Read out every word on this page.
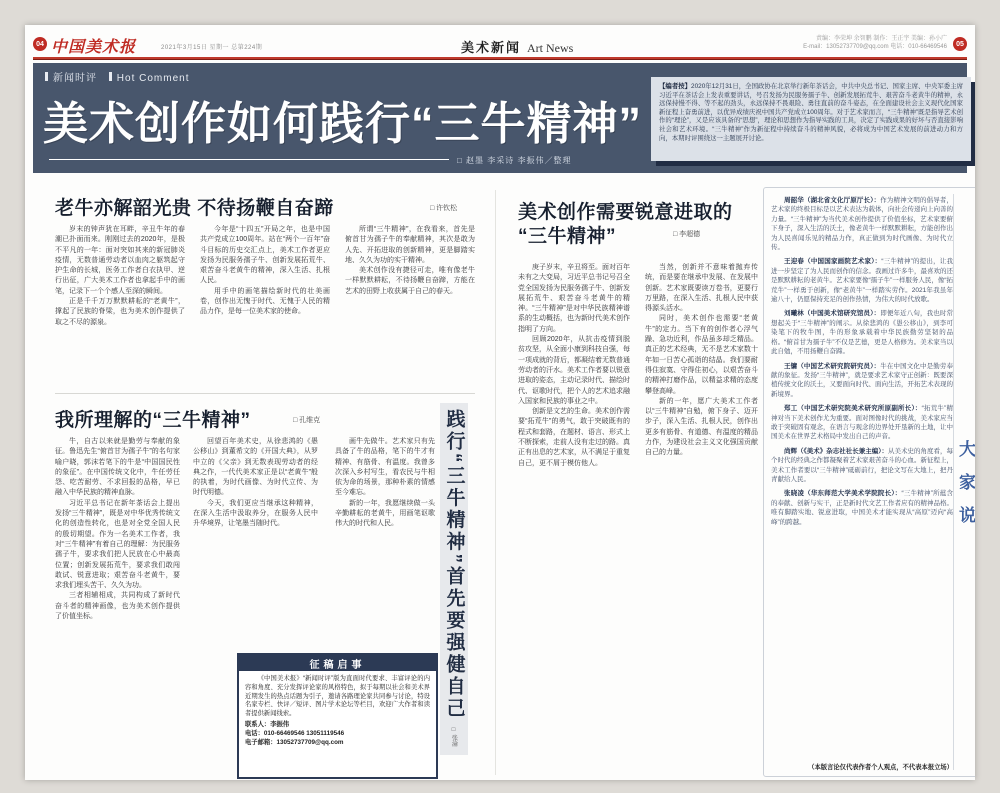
04 中国美术报	2021年3月15日 星期一 总第224期	美术新闻 Art News
责编：李荣坤 余智鹏 制作：王正宇 美编：孙小广
E-mail：13052737709@qq.com 电话：010-66469546	05
新闻时评 Hot Comment
美术创作如何践行“三牛精神”
□ 赵墨 李采诗 李振伟／整理

【编者按】2020年12月31日，全国政协在北京举行新年茶话会，中共中央总书记、国家主席、中央军委主席习近平在茶话会上发表重要讲话，号召发扬为民服务孺子牛、创新发展拓荒牛、艰苦奋斗老黄牛的精神，永远保持慢不得、等不起的劲头，永远保持不畏艰险、勇往直前的奋斗姿态，在全面建设社会主义现代化国家新征程上奋勇前进，以优异成绩庆祝中国共产党成立100周年。对于艺术家而言，“三牛精神”既是指导艺术创作的“理论”，又是应该具备的“思想”，理论和思想作为指导实践的工具，决定了实践成果的好坏与否直接影响社会和艺术环境。“三牛精神”作为新征程中持续奋斗的精神风貌，必将成为中国艺术发展的前进动力和方向，本期时评围绕这一主题展开讨论。

老牛亦解韶光贵 不待扬鞭自奋蹄	□ 许钦松

岁末的钟声犹在耳畔，辛丑牛年的春潮已扑面而来。刚刚过去的2020年，是极不平凡的一年：面对突如其来的新冠肺炎疫情，无数普通劳动者以血肉之躯筑起守护生命的长城，医务工作者白衣执甲、逆行出征，广大美术工作者也拿起手中的画笔，记录下一个个感人至深的瞬间。

正是千千万万默默耕耘的“老黄牛”，撑起了民族的脊梁，也为美术创作提供了取之不尽的源泉。

今年是“十四五”开局之年，也是中国共产党成立100周年。站在“两个一百年”奋斗目标的历史交汇点上，美术工作者更应发扬为民服务孺子牛、创新发展拓荒牛、艰苦奋斗老黄牛的精神，深入生活、扎根人民。

用手中的画笔描绘新时代的壮美画卷，创作出无愧于时代、无愧于人民的精品力作，是每一位美术家的使命。

所谓“三牛精神”，在我看来，首先是俯首甘为孺子牛的奉献精神，其次是敢为人先、开拓进取的创新精神，更是脚踏实地、久久为功的实干精神。

美术创作没有捷径可走，唯有像老牛一样默默耕耘，不待扬鞭自奋蹄，方能在艺术的田野上收获属于自己的春天。

我所理解的“三牛精神”	□ 孔维克

牛，自古以来就是勤劳与奉献的象征。鲁迅先生“俯首甘为孺子牛”的名句家喻户晓，郭沫若笔下的牛是“中国国民性的象征”。在中国传统文化中，牛任劳任怨、吃苦耐劳、不求回报的品格，早已融入中华民族的精神血脉。

习近平总书记在新年茶话会上提出发扬“三牛精神”，既是对中华优秀传统文化的创造性转化，也是对全党全国人民的殷切期望。作为一名美术工作者，我对“三牛精神”有着自己的理解：为民服务孺子牛，要求我们把人民放在心中最高位置；创新发展拓荒牛，要求我们敢闯敢试、锐意进取；艰苦奋斗老黄牛，要求我们埋头苦干、久久为功。

三者相辅相成，共同构成了新时代奋斗者的精神画像，也为美术创作提供了价值坐标。

回望百年美术史，从徐悲鸿的《愚公移山》到董希文的《开国大典》，从罗中立的《父亲》到无数表现劳动者的经典之作，一代代美术家正是以“老黄牛”般的执着，为时代画像、为时代立传、为时代明德。

今天，我们更应当继承这种精神，在深入生活中汲取养分，在服务人民中升华境界，让笔墨当随时代。

画牛先做牛。艺术家只有先具备了牛的品格，笔下的牛才有精神、有筋骨、有温度。我曾多次深入乡村写生，看农民与牛相依为命的场景，那种朴素的情感至今难忘。

新的一年，我愿继续做一头辛勤耕耘的老黄牛，用画笔讴歌伟大的时代和人民。	践行“三牛精神”首先要强健自己
□ 张渝
征稿启事

《中国美术报》“新闻时评”版为直面时代要求、丰富评论的内容和角度、充分发挥评论家的风格特色，拟于每期以社会和美术界近期发生的热点话题为引子，邀请各路理论家共同参与讨论，特设名家专栏、快评／短评、图片学术论坛等栏目，欢迎广大作者和读者提供新闻线索。

联系人：李振伟

电话：010-66469546 13051119546

电子邮箱：13052737709@qq.com

美术创作需要锐意进取的
“三牛精神”	□ 李超德

庚子岁末，辛丑将至。面对百年未有之大变局，习近平总书记号召全党全国发扬为民服务孺子牛、创新发展拓荒牛、艰苦奋斗老黄牛的精神。“三牛精神”是对中华民族精神谱系的生动概括，也为新时代美术创作指明了方向。

回顾2020年，从抗击疫情到脱贫攻坚，从全面小康到科技自强，每一项成就的背后，都凝结着无数普通劳动者的汗水。美术工作者要以锐意进取的姿态，主动记录时代、描绘时代、讴歌时代，把个人的艺术追求融入国家和民族的事业之中。

创新是文艺的生命。美术创作需要“拓荒牛”的勇气，敢于突破既有的程式和套路，在题材、语言、形式上不断探索，走前人没有走过的路。真正有出息的艺术家，从不满足于重复自己，更不屑于模仿他人。

当然，创新并不意味着抛弃传统，而是要在继承中发展、在发展中创新。艺术家既要读万卷书，更要行万里路，在深入生活、扎根人民中获得源头活水。

同时，美术创作也需要“老黄牛”的定力。当下有的创作者心浮气躁、急功近利，作品虽多却乏精品。真正的艺术经典，无不是艺术家数十年如一日苦心孤诣的结晶。我们要耐得住寂寞、守得住初心，以艰苦奋斗的精神打磨作品，以精益求精的态度攀登高峰。

新的一年，愿广大美术工作者以“三牛精神”自勉，俯下身子、迈开步子，深入生活、扎根人民，创作出更多有筋骨、有道德、有温度的精品力作，为建设社会主义文化强国贡献自己的力量。

周韶华（湖北省文化厅原厅长）：作为精神文明的倡导者，艺术家的终极目标是以艺术表达为载体，向社会传递向上向善的力量。“三牛精神”为当代美术创作提供了价值坐标，艺术家要俯下身子，深入生活的沃土，像老黄牛一样默默耕耘，方能创作出为人民喜闻乐见的精品力作，真正做到为时代画像、为时代立传。

王迎春（中国国家画院艺术家）：“三牛精神”的提出，让我进一步坚定了为人民而创作的信念。我画过许多牛，最喜欢的还是默默耕耘的老黄牛。艺术家要像“孺子牛”一样服务人民，像“拓荒牛”一样勇于创新，像“老黄牛”一样踏实劳作。2021年我虽年逾八十，仍愿保持充足的创作热情，为伟大的时代放歌。

刘曦林（中国美术馆研究馆员）：即便年近八旬，我也时常想起关于“三牛精神”的阐示。从徐悲鸿的《愚公移山》，到李可染笔下的牧牛图，牛的形象承载着中华民族勤劳坚韧的品格。“俯首甘为孺子牛”不仅是艺德，更是人格修为。美术家当以此自勉，不用扬鞭自奋蹄。

王镛（中国艺术研究院研究员）：牛在中国文化中是勤劳奉献的象征。发扬“三牛精神”，就是要求艺术家守正创新：既要深植传统文化的沃土，又要面向时代、面向生活，开拓艺术表现的新境界。

郑工（中国艺术研究院美术研究所原副所长）：“拓荒牛”精神对当下美术创作尤为重要。面对图像时代的挑战，美术家应当敢于突破固有观念，在语言与观念的边界处开垦新的土地，让中国美术在世界艺术格局中发出自己的声音。

尚辉（《美术》杂志社社长兼主编）：从美术史的角度看，每个时代的经典之作都凝聚着艺术家艰苦奋斗的心血。新征程上，美术工作者要以“三牛精神”砥砺前行，把论文写在大地上，把丹青献给人民。

张晓凌（华东师范大学美术学院院长）：“三牛精神”所蕴含的奉献、创新与实干，正是新时代文艺工作者应有的精神品格。唯有脚踏实地、锐意进取，中国美术才能实现从“高原”迈向“高峰”的跨越。	大家说
（本版言论仅代表作者个人观点，不代表本报立场）
